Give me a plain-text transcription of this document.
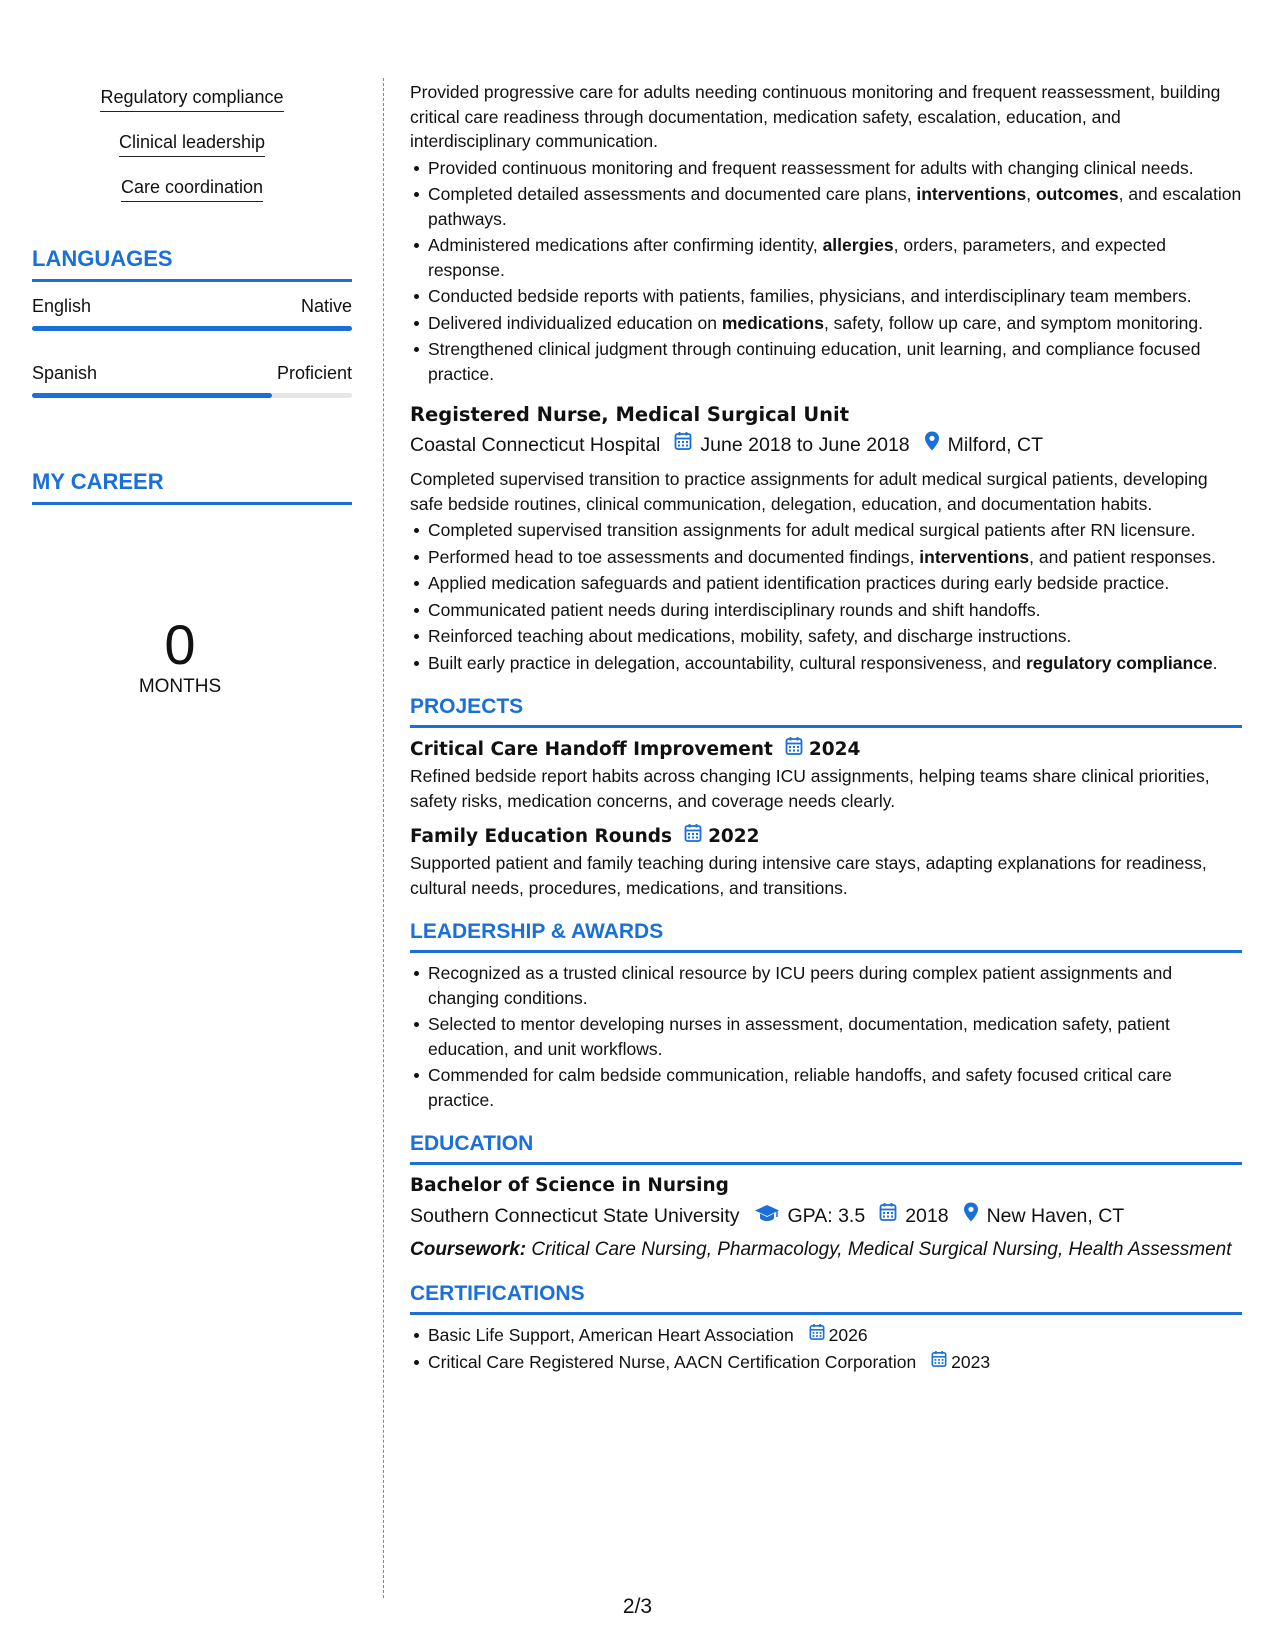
Regulatory compliance
Clinical leadership
Care coordination
LANGUAGES
English	Native
Spanish	Proficient
MY CAREER
0
MONTHS

Provided progressive care for adults needing continuous monitoring and frequent reassessment, building critical care readiness through documentation, medication safety, escalation, education, and interdisciplinary communication.

Provided continuous monitoring and frequent reassessment for adults with changing clinical needs.
Completed detailed assessments and documented care plans, interventions, outcomes, and escalation pathways.
Administered medications after confirming identity, allergies, orders, parameters, and expected response.
Conducted bedside reports with patients, families, physicians, and interdisciplinary team members.
Delivered individualized education on medications, safety, follow up care, and symptom monitoring.
Strengthened clinical judgment through continuing education, unit learning, and compliance focused practice.
Registered Nurse, Medical Surgical Unit
Coastal Connecticut Hospital June 2018 to June 2018 Milford, CT

Completed supervised transition to practice assignments for adult medical surgical patients, developing safe bedside routines, clinical communication, delegation, education, and documentation habits.

Completed supervised transition assignments for adult medical surgical patients after RN licensure.
Performed head to toe assessments and documented findings, interventions, and patient responses.
Applied medication safeguards and patient identification practices during early bedside practice.
Communicated patient needs during interdisciplinary rounds and shift handoffs.
Reinforced teaching about medications, mobility, safety, and discharge instructions.
Built early practice in delegation, accountability, cultural responsiveness, and regulatory compliance.
PROJECTS
Critical Care Handoff Improvement 2024

Refined bedside report habits across changing ICU assignments, helping teams share clinical priorities, safety risks, medication concerns, and coverage needs clearly.

Family Education Rounds 2022

Supported patient and family teaching during intensive care stays, adapting explanations for readiness, cultural needs, procedures, medications, and transitions.

LEADERSHIP & AWARDS
Recognized as a trusted clinical resource by ICU peers during complex patient assignments and changing conditions.
Selected to mentor developing nurses in assessment, documentation, medication safety, patient education, and unit workflows.
Commended for calm bedside communication, reliable handoffs, and safety focused critical care practice.
EDUCATION
Bachelor of Science in Nursing
Southern Connecticut State University GPA: 3.5 2018 New Haven, CT
Coursework: Critical Care Nursing, Pharmacology, Medical Surgical Nursing, Health Assessment
CERTIFICATIONS
Basic Life Support, American Heart Association 2026
Critical Care Registered Nurse, AACN Certification Corporation 2023
2/3
